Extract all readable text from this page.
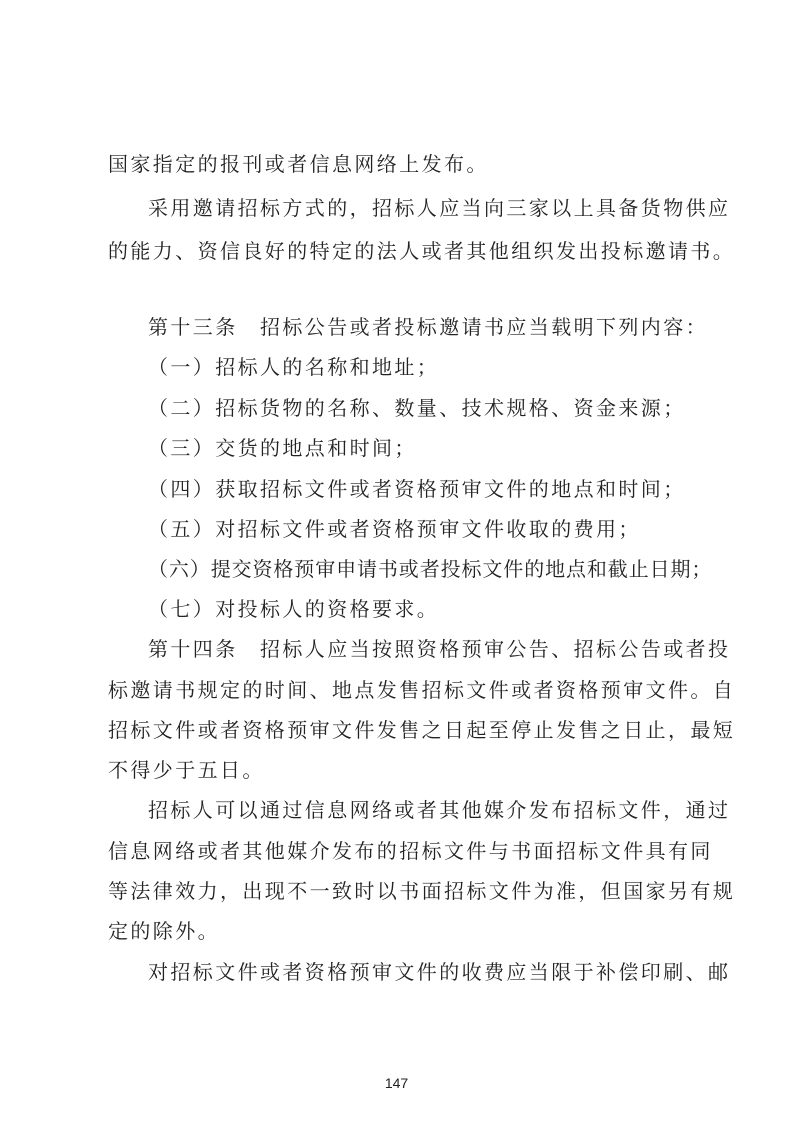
国家指定的报刊或者信息网络上发布。
采用邀请招标方式的，招标人应当向三家以上具备货物供应
的能力、资信良好的特定的法人或者其他组织发出投标邀请书。
第十三条　招标公告或者投标邀请书应当载明下列内容：
（一）招标人的名称和地址；
（二）招标货物的名称、数量、技术规格、资金来源；
（三）交货的地点和时间；
（四）获取招标文件或者资格预审文件的地点和时间；
（五）对招标文件或者资格预审文件收取的费用；
（六）提交资格预审申请书或者投标文件的地点和截止日期；
（七）对投标人的资格要求。
第十四条　招标人应当按照资格预审公告、招标公告或者投
标邀请书规定的时间、地点发售招标文件或者资格预审文件。自
招标文件或者资格预审文件发售之日起至停止发售之日止，最短
不得少于五日。
招标人可以通过信息网络或者其他媒介发布招标文件，通过
信息网络或者其他媒介发布的招标文件与书面招标文件具有同
等法律效力，出现不一致时以书面招标文件为准，但国家另有规
定的除外。
对招标文件或者资格预审文件的收费应当限于补偿印刷、邮
147
